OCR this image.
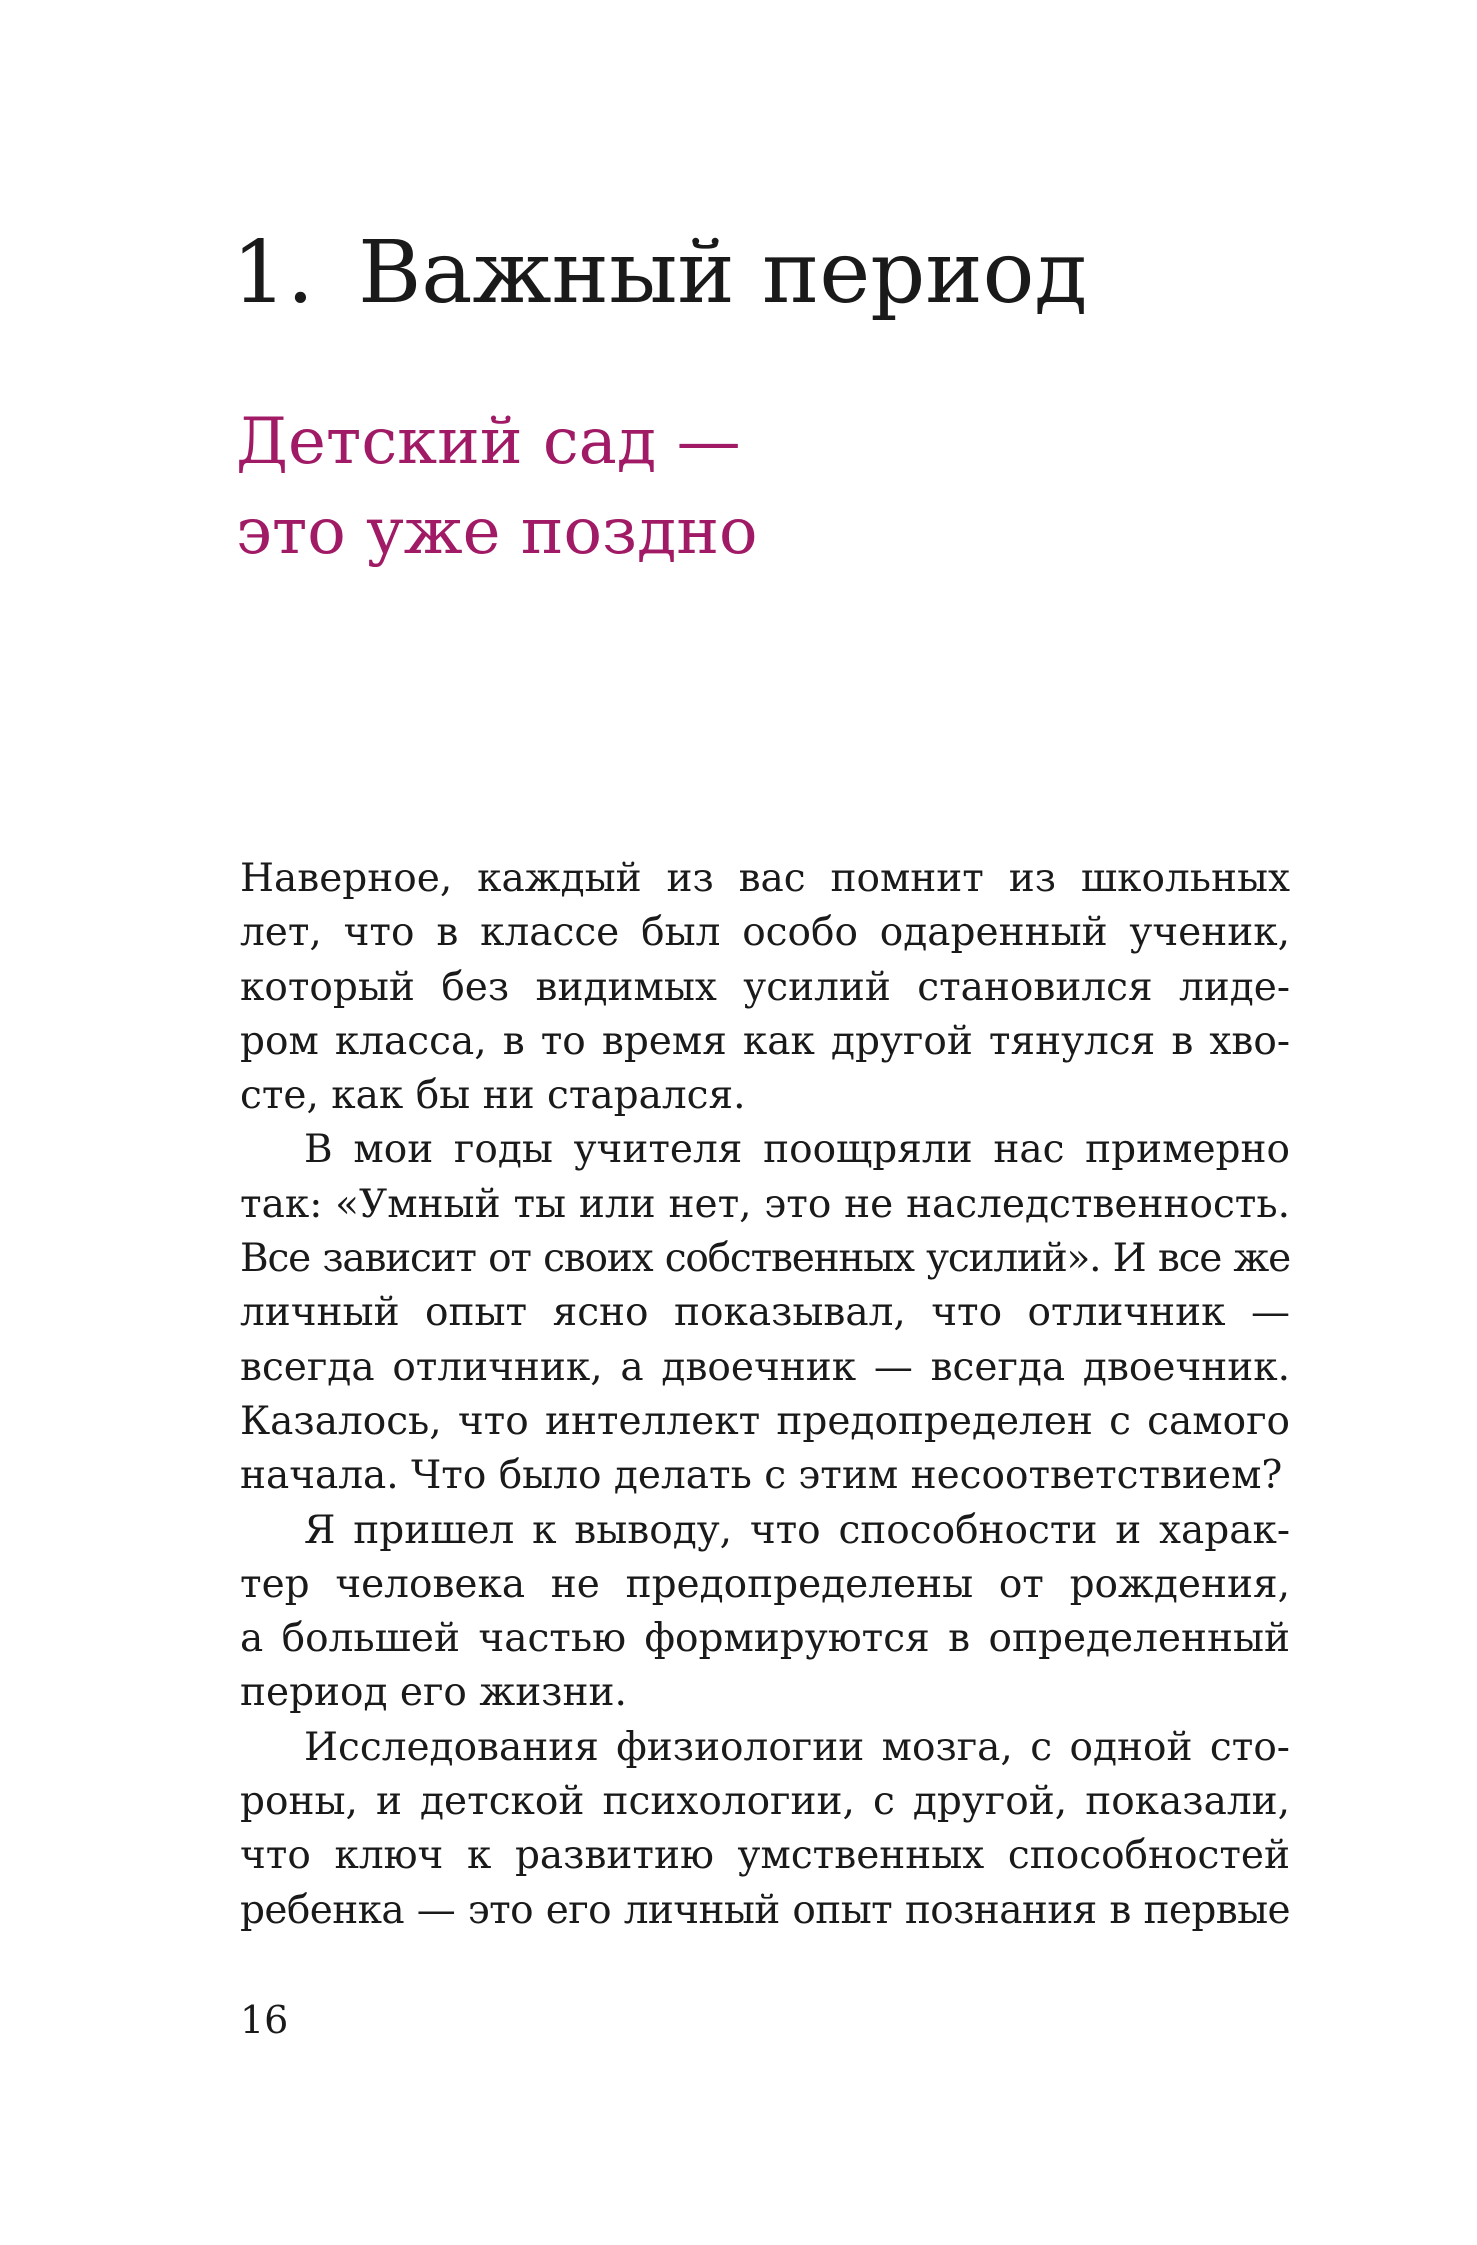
1. Важный период
Детский сад —
это уже поздно
Наверное, каждый из вас помнит из школьных
лет, что в классе был особо одаренный ученик,
который без видимых усилий становился лиде-
ром класса, в то время как другой тянулся в хво-
сте, как бы ни старался.
В мои годы учителя поощряли нас примерно
так: «Умный ты или нет, это не наследственность.
Все зависит от своих собственных усилий». И все же
личный опыт ясно показывал, что отличник —
всегда отличник, а двоечник — всегда двоечник.
Казалось, что интеллект предопределен с самого
начала. Что было делать с этим несоответствием?
Я пришел к выводу, что способности и харак-
тер человека не предопределены от рождения,
а большей частью формируются в определенный
период его жизни.
Исследования физиологии мозга, с одной сто-
роны, и детской психологии, с другой, показали,
что ключ к развитию умственных способностей
ребенка — это его личный опыт познания в первые
16
